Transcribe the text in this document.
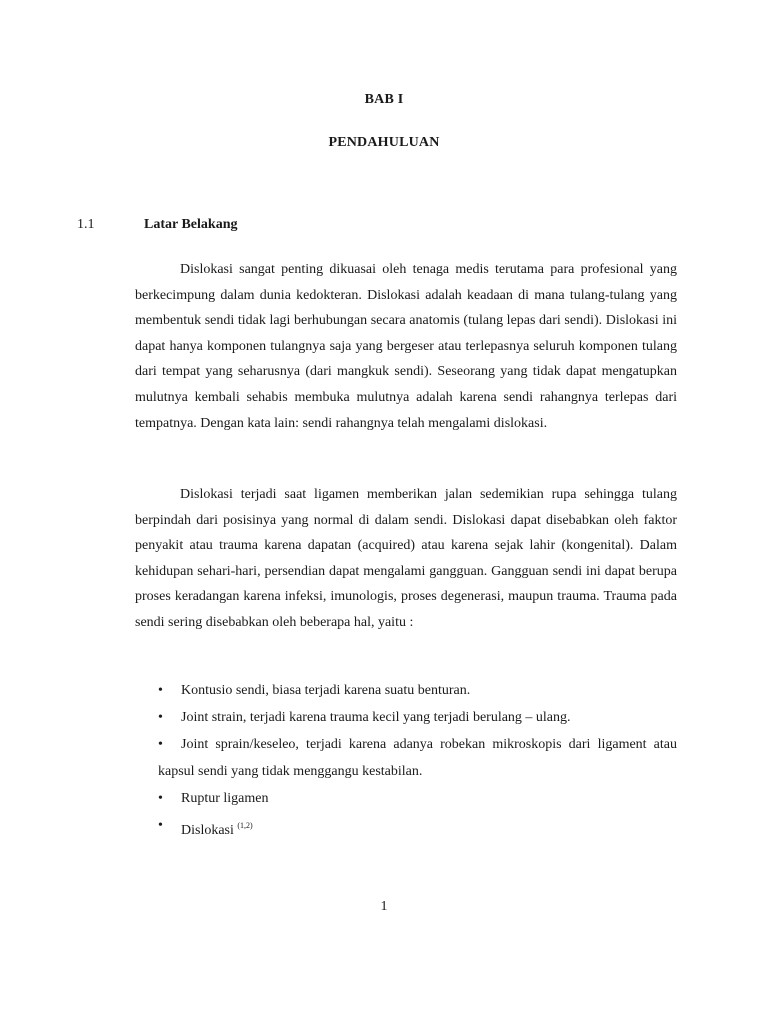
BAB I
PENDAHULUAN
1.1	Latar Belakang

Dislokasi sangat penting dikuasai oleh tenaga medis terutama para profesional yang berkecimpung dalam dunia kedokteran. Dislokasi adalah keadaan di mana tulang-tulang yang membentuk sendi tidak lagi berhubungan secara anatomis (tulang lepas dari sendi). Dislokasi ini dapat hanya komponen tulangnya saja yang bergeser atau terlepasnya seluruh komponen tulang dari tempat yang seharusnya (dari mangkuk sendi). Seseorang yang tidak dapat mengatupkan mulutnya kembali sehabis membuka mulutnya adalah karena sendi rahangnya terlepas dari tempatnya. Dengan kata lain: sendi rahangnya telah mengalami dislokasi.

Dislokasi terjadi saat ligamen memberikan jalan sedemikian rupa sehingga tulang berpindah dari posisinya yang normal di dalam sendi. Dislokasi dapat disebabkan oleh faktor penyakit atau trauma karena dapatan (acquired) atau karena sejak lahir (kongenital). Dalam kehidupan sehari-hari, persendian dapat mengalami gangguan. Gangguan sendi ini dapat berupa proses keradangan karena infeksi, imunologis, proses degenerasi, maupun trauma. Trauma pada sendi sering disebabkan oleh beberapa hal, yaitu :

•	Kontusio sendi, biasa terjadi karena suatu benturan.
•	Joint strain, terjadi karena trauma kecil yang terjadi berulang – ulang.
•	Joint sprain/keseleo, terjadi karena adanya robekan mikroskopis dari ligament atau kapsul sendi yang tidak menggangu kestabilan.
•	Ruptur ligamen
•	Dislokasi $^{(1,2)}$
1
